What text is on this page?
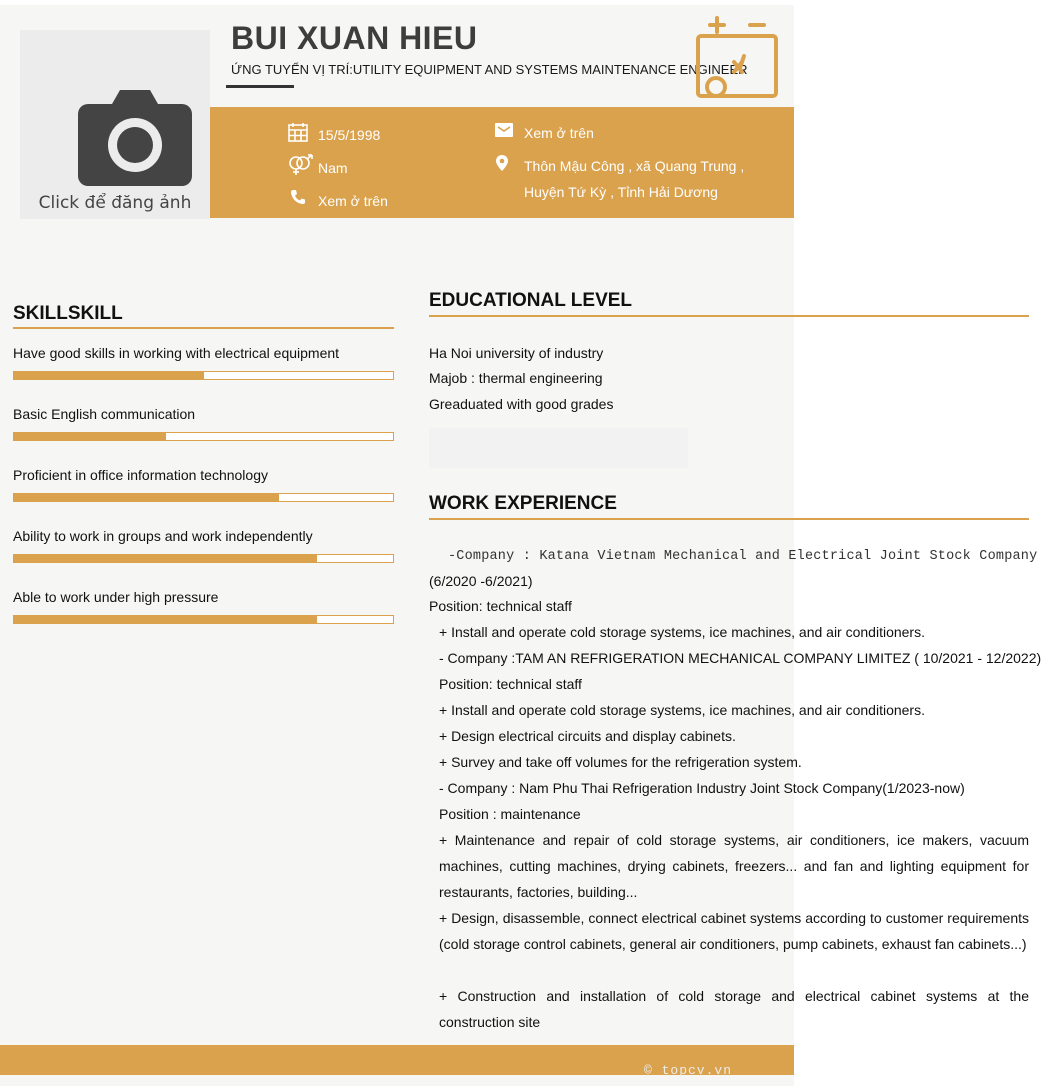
Click để đăng ảnh
BUI XUAN HIEU
ỨNG TUYỂN VỊ TRÍ:UTILITY EQUIPMENT AND SYSTEMS MAINTENANCE ENGINEER
15/5/1998
Nam
Xem ở trên
Xem ở trên
Thôn Mậu Công , xã Quang Trung ,
Huyện Tứ Kỳ , Tỉnh Hải Dương
SKILLSKILL
Have good skills in working with electrical equipment
Basic English communication
Proficient in office information technology
Ability to work in groups and work independently
Able to work under high pressure
EDUCATIONAL LEVEL
Ha Noi university of industry
Majob : thermal engineering
Greaduated with good grades
WORK EXPERIENCE
-Company : Katana Vietnam Mechanical and Electrical Joint Stock Company
(6/2020 -6/2021)
Position: technical staff
+ Install and operate cold storage systems, ice machines, and air conditioners.
- Company :TAM AN REFRIGERATION MECHANICAL COMPANY LIMITEZ ( 10/2021 - 12/2022)
Position: technical staff
+ Install and operate cold storage systems, ice machines, and air conditioners.
+ Design electrical circuits and display cabinets.
+ Survey and take off volumes for the refrigeration system.
- Company : Nam Phu Thai Refrigeration Industry Joint Stock Company(1/2023-now)
Position : maintenance
+ Maintenance and repair of cold storage systems, air conditioners, ice makers, vacuum machines, cutting machines, drying cabinets, freezers... and fan and lighting equipment for restaurants, factories, building...
+ Design, disassemble, connect electrical cabinet systems according to customer requirements (cold storage control cabinets, general air conditioners, pump cabinets, exhaust fan cabinets...)
+ Construction and installation of cold storage and electrical cabinet systems at the construction site
© topcv.vn
